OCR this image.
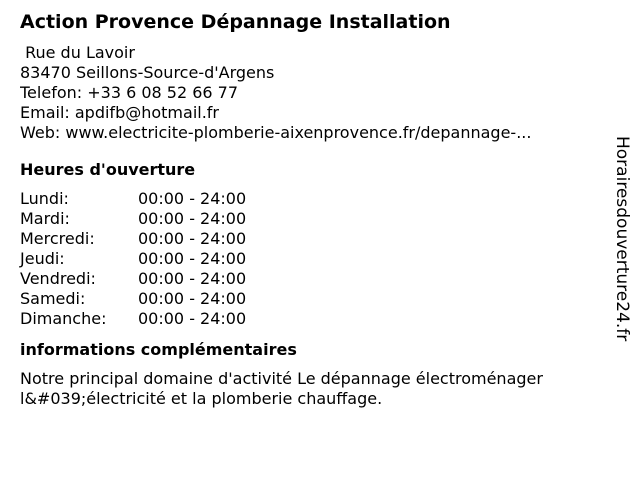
Action Provence Dépannage Installation
Rue du Lavoir
83470 Seillons-Source-d'Argens
Telefon: +33 6 08 52 66 77
Email: apdifb@hotmail.fr
Web: www.electricite-plomberie-aixenprovence.fr/depannage-...
Heures d'ouverture
Lundi:	00:00 - 24:00
Mardi:	00:00 - 24:00
Mercredi:	00:00 - 24:00
Jeudi:	00:00 - 24:00
Vendredi:	00:00 - 24:00
Samedi:	00:00 - 24:00
Dimanche:	00:00 - 24:00
informations complémentaires

Notre principal domaine d'activité Le dépannage électroménager l&#039;électricité et la plomberie chauffage.

Horairesdouverture24.fr
